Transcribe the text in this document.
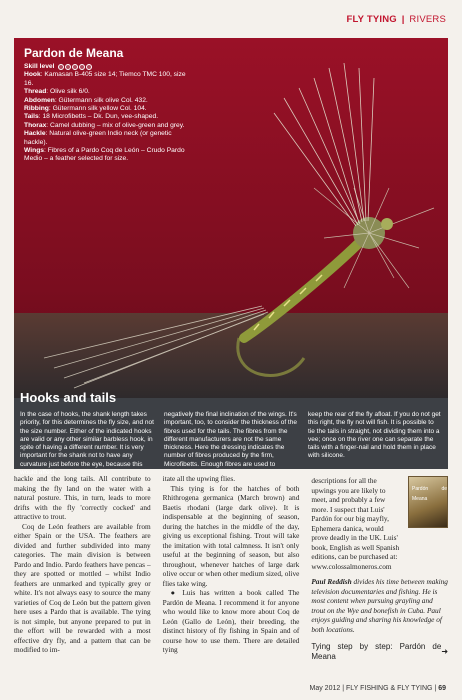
FLY TYING | RIVERS
Pardon de Meana
Skill level

Hook: Kamasan B-405 size 14; Tiemco TMC 100, size 16.

Thread: Olive silk 6/0.

Abdomen: Gütermann silk olive Col. 432.

Ribbing: Gütermann silk yellow Col. 104.

Tails: 18 Microfibetts – Dk. Dun, vee-shaped.

Thorax: Camel dubbing – mix of olive-green and grey.

Hackle: Natural olive-green Indio neck (or genetic hackle).

Wings: Fibres of a Pardo Coq de León – Crudo Pardo Medio – a feather selected for size.

Hooks and tails
In the case of hooks, the shank length takes priority, for this determines the fly size, and not the size number. Either of the indicated hooks are valid or any other similar barbless hook, in spite of having a different number. It is very important for the shank not to have any curvature just before the eye, because this would affect
negatively the final inclination of the wings. It's important, too, to consider the thickness of the fibres used for the tails. The fibres from the different manufacturers are not the same thickness. Here the dressing indicates the number of fibres produced by the firm, Microfibetts. Enough fibres are used to
keep the rear of the fly afloat. If you do not get this right, the fly not will fish. It is possible to tie the tails in straight, not dividing them into a vee; once on the river one can separate the tails with a finger-nail and hold them in place with silicone.

hackle and the long tails. All contribute to making the fly land on the water with a natural posture. This, in turn, leads to more drifts with the fly 'correctly cocked' and attractive to trout.

Coq de León feathers are available from either Spain or the USA. The feathers are divided and further subdivided into many categories. The main division is between Pardo and Indio. Pardo feathers have pencas – they are spotted or mottled – whilst Indio feathers are unmarked and typically grey or white. It's not always easy to source the many varieties of Coq de León but the pattern given here uses a Pardo that is available. The tying is not simple, but anyone prepared to put in the effort will be rewarded with a most effective dry fly, and a pattern that can be modified to im-

itate all the upwing flies.

This tying is for the hatches of both Rhithrogena germanica (March brown) and Baetis rhodani (large dark olive). It is indispensable at the beginning of season, during the hatches in the middle of the day, giving us exceptional fishing. Trout will take the imitation with total calmness. It isn't only useful at the beginning of season, but also throughout, whenever hatches of large dark olive occur or when other medium sized, olive flies take wing.

● Luis has written a book called The Pardón de Meana. I recommend it for anyone who would like to know more about Coq de León (Gallo de León), their breeding, the distinct history of fly fishing in Spain and of course how to use them. There are detailed tying

descriptions for all the upwings you are likely to meet, and probably a few more. I suspect that Luis' Pardón for our big mayfly, Ephemera danica, would prove deadly in the UK. Luis' book, English as well Spanish editions, can be purchased at: www.colossalmoneros.com

Pardón de Meana

Paul Reddish divides his time between making television documentaries and fishing. He is most content when pursuing grayling and trout on the Wye and bonefish in Cuba. Paul enjoys guiding and sharing his knowledge of both locations.

Tying step by step: Pardón de Meana
➜
May 2012 | FLY FISHING & FLY TYING | 69
